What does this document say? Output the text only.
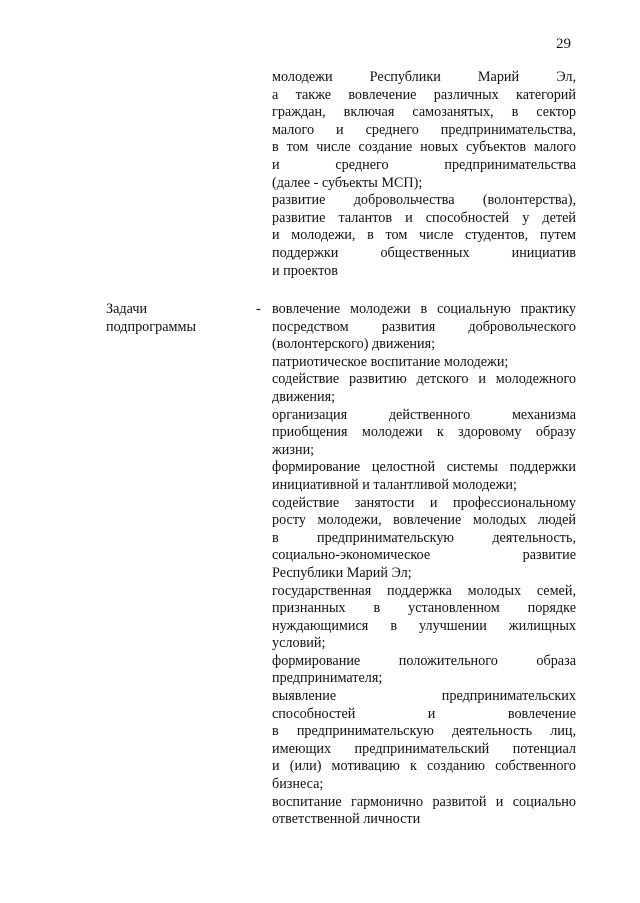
29
молодежи Республики Марий Эл,
а также вовлечение различных категорий
граждан, включая самозанятых, в сектор
малого и среднего предпринимательства,
в том числе создание новых субъектов малого
и среднего предпринимательства
(далее - субъекты МСП);
развитие добровольчества (волонтерства),
развитие талантов и способностей у детей
и молодежи, в том числе студентов, путем
поддержки общественных инициатив
и проектов
Задачи
подпрограммы
- вовлечение молодежи в социальную практику
посредством развития добровольческого
(волонтерского) движения;
патриотическое воспитание молодежи;
содействие развитию детского и молодежного
движения;
организация действенного механизма
приобщения молодежи к здоровому образу
жизни;
формирование целостной системы поддержки
инициативной и талантливой молодежи;
содействие занятости и профессиональному
росту молодежи, вовлечение молодых людей
в предпринимательскую деятельность,
социально-экономическое развитие
Республики Марий Эл;
государственная поддержка молодых семей,
признанных в установленном порядке
нуждающимися в улучшении жилищных
условий;
формирование положительного образа
предпринимателя;
выявление предпринимательских
способностей и вовлечение
в предпринимательскую деятельность лиц,
имеющих предпринимательский потенциал
и (или) мотивацию к созданию собственного
бизнеса;
воспитание гармонично развитой и социально
ответственной личности
